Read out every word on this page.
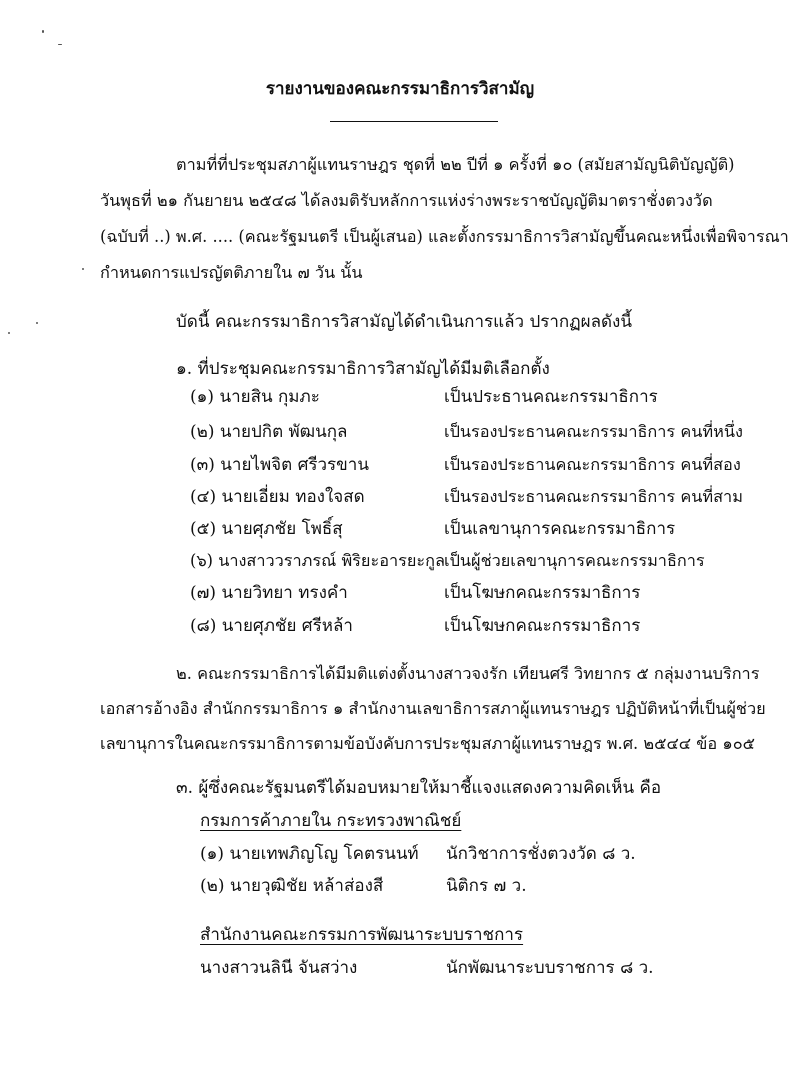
รายงานของคณะกรรมาธิการวิสามัญ
ตามที่ที่ประชุมสภาผู้แทนราษฎร ชุดที่ ๒๒ ปีที่ ๑ ครั้งที่ ๑๐ (สมัยสามัญนิติบัญญัติ)
วันพุธที่ ๒๑ กันยายน ๒๕๔๘ ได้ลงมติรับหลักการแห่งร่างพระราชบัญญัติมาตราชั่งตวงวัด
(ฉบับที่ ..) พ.ศ. .... (คณะรัฐมนตรี เป็นผู้เสนอ) และตั้งกรรมาธิการวิสามัญขึ้นคณะหนึ่งเพื่อพิจารณา
กำหนดการแปรญัตติภายใน ๗ วัน นั้น
บัดนี้ คณะกรรมาธิการวิสามัญได้ดำเนินการแล้ว ปรากฏผลดังนี้
๑. ที่ประชุมคณะกรรมาธิการวิสามัญได้มีมติเลือกตั้ง
(๑) นายสิน กุมภะ	เป็นประธานคณะกรรมาธิการ
(๒) นายปกิต พัฒนกุล	เป็นรองประธานคณะกรรมาธิการ คนที่หนึ่ง
(๓) นายไพจิต ศรีวรขาน	เป็นรองประธานคณะกรรมาธิการ คนที่สอง
(๔) นายเอี่ยม ทองใจสด	เป็นรองประธานคณะกรรมาธิการ คนที่สาม
(๕) นายศุภชัย โพธิ์สุ	เป็นเลขานุการคณะกรรมาธิการ
(๖) นางสาววราภรณ์ พิริยะอารยะกูล เป็นผู้ช่วยเลขานุการคณะกรรมาธิการ
(๗) นายวิทยา ทรงคำ	เป็นโฆษกคณะกรรมาธิการ
(๘) นายศุภชัย ศรีหล้า	เป็นโฆษกคณะกรรมาธิการ
๒. คณะกรรมาธิการได้มีมติแต่งตั้งนางสาวจงรัก เทียนศรี วิทยากร ๕ กลุ่มงานบริการ
เอกสารอ้างอิง สำนักกรรมาธิการ ๑ สำนักงานเลขาธิการสภาผู้แทนราษฎร ปฏิบัติหน้าที่เป็นผู้ช่วย
เลขานุการในคณะกรรมาธิการตามข้อบังคับการประชุมสภาผู้แทนราษฎร พ.ศ. ๒๕๔๔ ข้อ ๑๐๕
๓. ผู้ซึ่งคณะรัฐมนตรีได้มอบหมายให้มาชี้แจงแสดงความคิดเห็น คือ
กรมการค้าภายใน กระทรวงพาณิชย์
(๑) นายเทพภิญโญ โคตรนนท์ นักวิชาการชั่งตวงวัด ๘ ว.
(๒) นายวุฒิชัย หล้าส่องสี	นิติกร ๗ ว.
สำนักงานคณะกรรมการพัฒนาระบบราชการ
นางสาวนลินี จันสว่าง	นักพัฒนาระบบราชการ ๘ ว.
